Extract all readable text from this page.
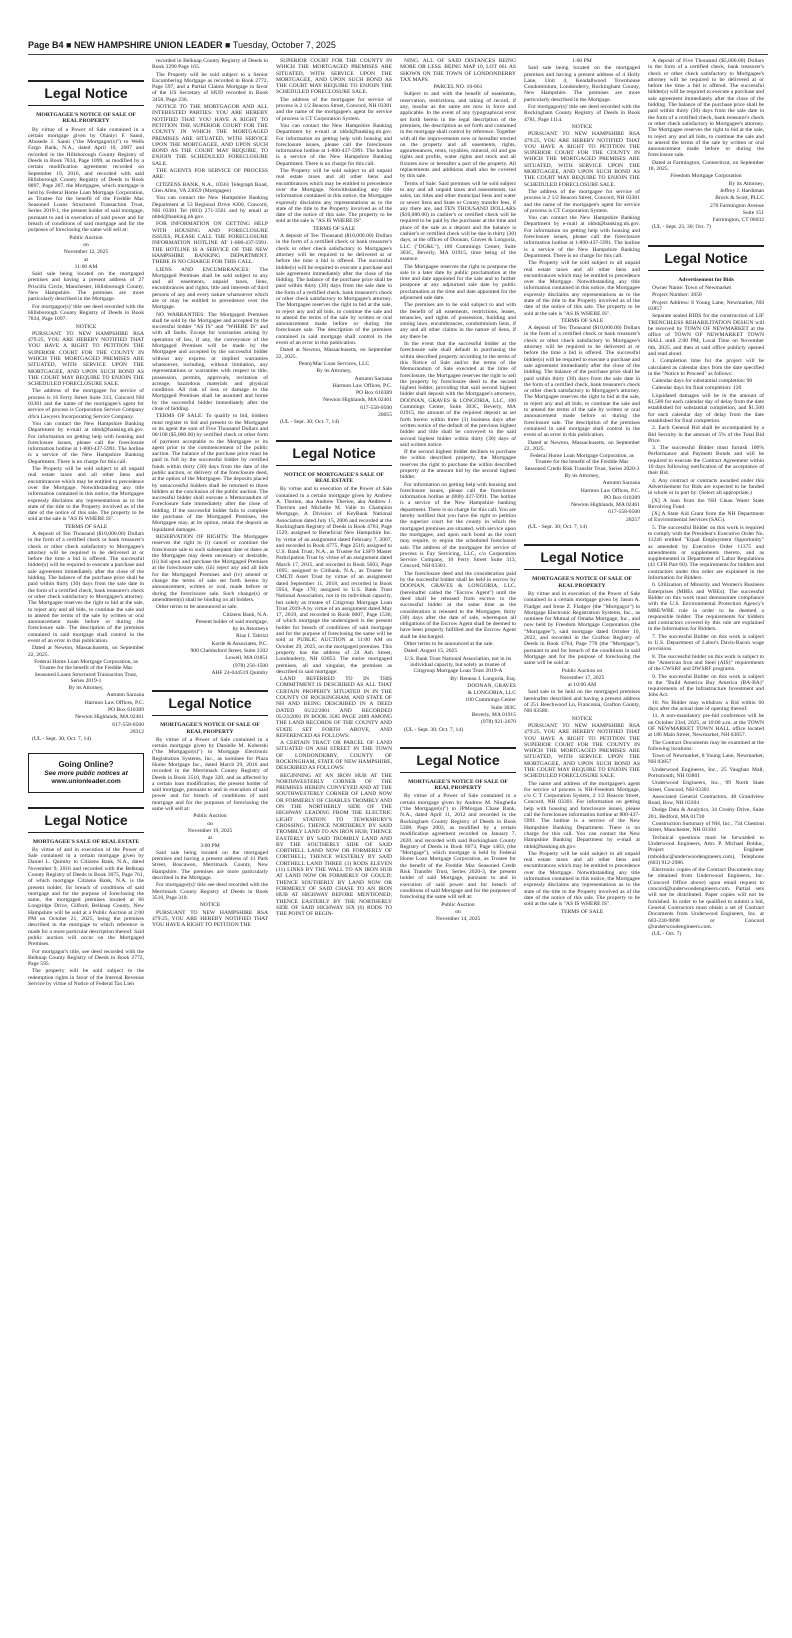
Page B4 ■ NEW HAMPSHIRE UNION LEADER ■ Tuesday, October 7, 2025
Legal Notice
MORTGAGEE'S NOTICE OF SALE OF REAL PROPERTY

By virtue of a Power of Sale contained in a certain mortgage given by Olaniyi F. Sanni, Abosede J. Sanni ("the Mortgagor(s)") to Wells Fargo Bank, N.A., dated April 10, 2007 and recorded in the Hillsborough County Registry of Deeds in Book 7834, Page 1099, as modified by a certain modification agreement recorded on September 19, 2016, and recorded with said Hillsborough County Registry of Deeds in Book 8897, Page 267, the Mortgagee, which mortgage is held by Federal Home Loan Mortgage Corporation, as Trustee for the benefit of the Freddie Mac Seasoned Loans Structured Transaction Trust, Series 2019-1, the present holder of said mortgage, pursuant to and in execution of said power and for breach of conditions of said mortgage and for the purposes of foreclosing the same will sell at:

Public Auction

on

November 12, 2025

at

11:00 AM

Said sale being located on the mortgaged premises and having a present address of 27 Priscilla Circle, Manchester, Hillsborough County, New Hampshire. The premises are more particularly described in the Mortgage.

For mortgagor(s)' title see deed recorded with the Hillsborough County Registry of Deeds in Book 7834, Page 1097.

NOTICE

PURSUANT TO NEW HAMPSHIRE RSA 479:25, YOU ARE HEREBY NOTIFIED THAT YOU HAVE A RIGHT TO PETITION THE SUPERIOR COURT FOR THE COUNTY IN WHICH THE MORTGAGED PREMISES ARE SITUATED, WITH SERVICE UPON THE MORTGAGEE, AND UPON SUCH BOND AS THE COURT MAY REQUIRE TO ENJOIN THE SCHEDULED FORECLOSURE SALE.

The address of the mortgagee for service of process is 16 Ferry Street Suite 313, Concord NH 03301 and the name of the mortgagee's agent for service of process is Corporation Service Company d/b/a Lawyers Incorporating Service Company.

You can contact the New Hampshire Banking Department by e-mail at nhbd@banking.nh.gov. For information on getting help with housing and foreclosure issues, please call the foreclosure information hotline at 1-800-437-5991. The hotline is a service of the New Hampshire Banking Department. There is no charge for this call.

The Property will be sold subject to all unpaid real estate taxes and all other liens and encumbrances which may be entitled to precedence over the Mortgage. Notwithstanding any title information contained in this notice, the Mortgagee expressly disclaims any representations as to the state of the title to the Property involved as of the date of the notice of this sale. The property to be sold at the sale is "AS IS WHERE IS".

TERMS OF SALE

A deposit of Ten Thousand ($10,000.00) Dollars in the form of a certified check or bank treasurer's check or other check satisfactory to Mortgagee's attorney will be required to be delivered at or before the time a bid is offered. The successful bidder(s) will be required to execute a purchase and sale agreement immediately after the close of the bidding. The balance of the purchase price shall be paid within thirty (30) days from the sale date in the form of a certified check, bank treasurer's check or other check satisfactory to Mortgagee's attorney. The Mortgagee reserves the right to bid at the sale, to reject any and all bids, to continue the sale and to amend the terms of the sale by written or oral announcement made before or during the foreclosure sale. The description of the premises contained in said mortgage shall control in the event of an error in this publication.

Dated at Newton, Massachusetts, on September 22, 2025.

Federal Home Loan Mortgage Corporation, as Trustee for the benefit of the Freddie Mac Seasoned Loans Structured Transaction Trust, Series 2019-1

By its Attorney,

Autumn Sarzana

Harmon Law Offices, P.C.

PO Box 610389

Newton Highlands, MA 02461

617-558-0500

28312

(UL - Sept. 30; Oct. 7, 14)

Going Online?
See more public notices at
www.unionleader.com
Legal Notice
MORTGAGEE'S SALE OF REAL ESTATE

By virtue of and in execution of the Power of Sale contained in a certain mortgage given by Daniel L. Quimby to Citizens Bank, N.A., dated November 9, 2016 and recorded with the Belknap County Registry of Deeds in Book 3075, Page 761, of which mortgage Citizens Bank, N.A. is the present holder, for breach of conditions of said mortgage and for the purpose of foreclosing the same, the mortgaged premises located at 66 Longridge Drive, Gilford, Belknap County, New Hampshire will be sold at a Public Auction at 2:00 PM on October 21, 2025, being the premises described in the mortgage to which reference is made for a more particular description thereof. Said public auction will occur on the Mortgaged Premises.

For mortgagor's title, see deed recorded with the Belknap County Registry of Deeds in Book 2772, Page 595.

The property will be sold subject to the redemption rights in favor of the Internal Revenue Service by virtue of Notice of Federal Tax Lien

recorded in Belknap County Registry of Deeds in Book 3290 Page 165.

The Property will be sold subject to a Senior Encumbering Mortgage as recorded in Book 2772, Page 597, and a Partial Claims Mortgage in favor of the US Secretary of HUD recorded in Book 3458, Page 236.

NOTICE TO THE MORTGAGOR AND ALL INTERESTED PARTIES: YOU ARE HEREBY NOTIFIED THAT YOU HAVE A RIGHT TO PETITION THE SUPERIOR COURT FOR THE COUNTY IN WHICH THE MORTGAGED PREMISES ARE SITUATED, WITH SERVICE UPON THE MORTGAGEE, AND UPON SUCH BOND AS THE COURT MAY REQUIRE, TO ENJOIN THE SCHEDULED FORECLOSURE SALE.

THE AGENTS FOR SERVICE OF PROCESS ARE:

CITIZENS BANK, N.A., 10561 Telegraph Road, Glen Allen, VA 23059 (Mortgagee)

You can contact the New Hampshire Banking Department at 53 Regional Drive #200, Concord, NH 03301 Tel (603) 271-3561 and by email at nhbd@banking.nh.gov.

FOR INFORMATION ON GETTING HELP WITH HOUSING AND FORECLOSURE ISSUES, PLEASE CALL THE FORECLOSURE INFORMATION HOTLINE AT 1-800-437-5991. THE HOTLINE IS A SERVICE OF THE NEW HAMPSHIRE BANKING DEPARTMENT. THERE IS NO CHARGE FOR THIS CALL.

LIENS AND ENCUMBRANCES: The Mortgaged Premises shall be sold subject to any and all easements, unpaid taxes, liens, encumbrances and rights, title and interests of third persons of any and every nature whatsoever which are or may be entitled to precedence over the Mortgage.

NO WARRANTIES: The Mortgaged Premises shall be sold by the Mortgagee and accepted by the successful bidder "AS IS" and "WHERE IS" and with all faults. Except for warranties arising by operation of law, if any, the conveyance of the Mortgaged Premises will be made by the Mortgagee and accepted by the successful bidder without any express or implied warranties whatsoever, including, without limitation, any representations or warranties with respect to title, possession, permits, approvals, recitation of acreage, hazardous materials and physical condition. All risk of loss or damage to the Mortgaged Premises shall be assumed and borne by the successful bidder immediately after the close of bidding.

TERMS OF SALE: To qualify to bid, bidders must register to bid and present to the Mortgagee or its agent the sum of Five Thousand Dollars and 00/100 ($5,000.00) by certified check or other form of payment acceptable to the Mortgagee or its agent prior to the commencement of the public auction. The balance of the purchase price must be paid in full by the successful bidder by certified funds within thirty (30) days from the date of the public auction, or delivery of the foreclosure deed, at the option of the Mortgagee. The deposits placed by unsuccessful bidders shall be returned to those bidders at the conclusion of the public auction. The successful bidder shall execute a Memorandum of Foreclosure Sale immediately after the close of bidding. If the successful bidder fails to complete the purchase of the Mortgaged Premises, the Mortgagee may, at its option, retain the deposit as liquidated damages.

RESERVATION OF RIGHTS: The Mortgagee reserves the right to (i) cancel or continue the foreclosure sale to such subsequent date or dates as the Mortgagee may deem necessary or desirable, (ii) bid upon and purchase the Mortgaged Premises at the foreclosure sale, (iii) reject any and all bids for the Mortgaged Premises and (iv) amend or change the terms of sale set forth herein by announcement, written or oral, made before or during the foreclosure sale. Such change(s) or amendment(s) shall be binding on all bidders.

Other terms to be announced at sale.

Citizens Bank, N.A.

Present holder of said mortgage,

by its Attorneys

Riaz I. Tabrizi

Korde & Associates, P.C.

900 Chelmsford Street, Suite 3102

Lowell, MA 01851

(978) 256-1500

AHF 24-044519 Quimby

Legal Notice
MORTGAGEE'S NOTICE OF SALE OF REAL PROPERTY

By virtue of a Power of Sale contained in a certain mortgage given by Danielle M. Koberski ("the Mortgagor(s)") to Mortgage Electronic Registration Systems, Inc., as nominee for Plaza Home Mortgage Inc., dated March 29, 2016 and recorded in the Merrimack County Registry of Deeds in Book 3510, Page 320, and as affected by a certain loan modification, the present holder of said mortgage, pursuant to and in execution of said power and for breach of conditions of said mortgage and for the purposes of foreclosing the same will sell at:

Public Auction

on

November 19, 2025

at

3:00 PM

Said sale being located on the mortgaged premises and having a present address of 41 Park Street, Boscawen, Merrimack County, New Hampshire. The premises are more particularly described in the Mortgage.

For mortgagor(s)' title see deed recorded with the Merrimack County Registry of Deeds in Book 3510, Page 318.

NOTICE

PURSUANT TO NEW HAMPSHIRE RSA 479:25, YOU ARE HEREBY NOTIFIED THAT YOU HAVE A RIGHT TO PETITION THE

SUPERIOR COURT FOR THE COUNTY IN WHICH THE MORTGAGED PREMISES ARE SITUATED, WITH SERVICE UPON THE MORTGAGEE, AND UPON SUCH BOND AS THE COURT MAY REQUIRE TO ENJOIN THE SCHEDULED FORECLOSURE SALE.

The address of the mortgagee for service of process is 2 1/2 Beacon Street, Concord, NH 03301 and the name of the mortgagee's agent for service of process is CT Corporation System.

You can contact the New Hampshire Banking Department by e-mail at nhbd@banking.nh.gov. For information on getting help with housing and foreclosure issues, please call the foreclosure information hotline at 1-800-437-5991. The hotline is a service of the New Hampshire Banking Department. There is no charge for this call.

The Property will be sold subject to all unpaid real estate taxes and all other liens and encumbrances which may be entitled to precedence over the Mortgage. Notwithstanding any title information contained in this notice, the Mortgagee expressly disclaims any representations as to the state of the title to the Property involved as of the date of the notice of this sale. The property to be sold at the sale is "AS IS WHERE IS".

TERMS OF SALE

A deposit of Ten Thousand ($10,000.00) Dollars in the form of a certified check or bank treasurer's check or other check satisfactory to Mortgagee's attorney will be required to be delivered at or before the time a bid is offered. The successful bidder(s) will be required to execute a purchase and sale agreement immediately after the close of the bidding. The balance of the purchase price shall be paid within thirty (30) days from the sale date in the form of a certified check, bank treasurer's check or other check satisfactory to Mortgagee's attorney. The Mortgagee reserves the right to bid at the sale, to reject any and all bids, to continue the sale and to amend the terms of the sale by written or oral announcement made before or during the foreclosure sale. The description of the premises contained in said mortgage shall control in the event of an error in this publication.

Dated at Newton, Massachusetts, on September 22, 2025.

PennyMac Loan Services, LLC

By its Attorney,

Autumn Sarzana

Harmon Law Offices, P.C.

PO Box 610389

Newton Highlands, MA 02461

617-558-0500

28055

(UL - Sept. 30; Oct. 7, 14)

Legal Notice
NOTICE OF MORTGAGEE'S SALE OF REAL ESTATE

By virtue and in execution of the Power of Sale contained in a certain mortgage given by Andrew A. Therien, aka Andrew Therien, aka Andrew J. Therrien and Michelle M. Valle to Champion Mortgage, A Division of KeyBank National Association dated July 15, 2006 and recorded at the Rockingham Registry of Deeds in Book 4703, Page 1529; assigned to Beneficial New Hampshire Inc. by virtue of an assignment dated February 7, 2007, and recorded in Book 4775, Page 2516; assigned to U.S. Bank Trust, N.A., as Trustee for LSF9 Master Participation Trust by virtue of an assignment dated March 17, 2015, and recorded in Book 5603, Page 1695; assigned to Citibank, N.A., as Trustee for CMLTI Asset Trust by virtue of an assignment dated September 11, 2018, and recorded in Book 5954, Page 170; assigned to U.S. Bank Trust National Association, not in its individual capacity, but solely as trustee of Citigroup Mortgage Loan Trust 2019-A by virtue of an assignment dated May 17, 2019, and recorded in Book 6007, Page 1536; of which mortgage the undersigned is the present holder for breach of conditions of said mortgage and for the purpose of foreclosing the same will be sold at PUBLIC AUCTION at 11:00 AM on October 29, 2025, on the mortgaged premises. This property has the address of 24 Ash Street, Londonderry, NH 03053. The entire mortgaged premises, all and singular, the premises as described in said mortgage:

LAND REFERRED TO IN THIS COMMITMENT IS DESCRIBED AS ALL THAT CERTAIN PROPERTY SITUATED IN IN THE COUNTY OF ROCKINGHAM, AND STATE OF NH AND BEING DESCRIBED IN A DEED DATED 05/22/2001 AND RECORDED 05/23/2001 IN BOOK 3585 PAGE 2489 AMONG THE LAND RECORDS OF THE COUNTY AND STATE SET FORTH ABOVE, AND REFERENCED AS FOLLOWS:

A CERTAIN TRACT OR PARCEL OF LAND SITUATED ON ASH STREET IN THE TOWN OF LONDONDERRY, COUNTY OF ROCKINGHAM, STATE OF NEW HAMPSHIRE, DESCRIBED AS FOLLOWS:

BEGINNING AT AN IRON HUB AT THE NORTHWESTERLY CORNER OF THE PREMISES HEREIN CONVEYED AND AT THE SOUTHWESTERLY CORNER OF LAND NOW OR FORMERLY OF CHARLES TROMBLY AND ON THE NORTHERLY SIDE OF THE HIGHWAY LEADING FROM THE ELECTRIC LIGHT STATION TO TEWKSBURY'S CROSSING; THENCE NORTHERLY BY SAID TROMBLY LAND TO AN IRON HUB; THENCE EASTERLY BY SAID TROMBLY LAND AND BY THE SOUTHERLY SIDE OF SAID CORTHELL LAND NOW OR FORMERLY OF CORTHELL; THENCE WESTERLY BY SAID CORTHELL LAND THREE (3) RODS ELEVEN (11) LINKS BY THE WALL TO AN IRON HUB AT LAND NOW OR FORMERLY OF GOULD; THENCE SOUTHERLY BY LAND NOW OR FORMERLY OF SAID CHASE TO AN IRON HUB AT HIGHWAY BEFORE MENTIONED; THENCE EASTERLY BY THE NORTHERLY SIDE OF SAID HIGHWAY SIX (6) RODS TO THE POINT OF BEGIN-

NING. ALL OF SAID DISTANCES BEING MORE OR LESS. BEING MAP 10, LOT 061 AS SHOWN ON THE TOWN OF LONDONDERRY TAX MAPS.

PARCEL NO. 10-061

Subject to and with the benefit of easements, reservation, restrictions, and taking of record, if any, insofar as the same are now in force and applicable. In the event of any typographical error set forth herein in the legal description of the premises, the description as set forth and contained in the mortgage shall control by reference. Together with all the improvements now or hereafter erected on the property and all easements, rights, appurtenances, rents, royalties, mineral, oil and gas rights and profits, water rights and stock and all fixtures now or hereafter a part of the property. All replacements and additions shall also be covered by this sale.

Terms of Sale: Said premises will be sold subject to any and all unpaid taxes and assessments, tax sales, tax titles and other municipal liens and water or sewer liens and State or County transfer fees, if any there are, and TEN THOUSAND DOLLARS ($10,000.00) in cashier's or certified check will be required to be paid by the purchaser at the time and place of the sale as a deposit and the balance is cashier's or certified check will be due in thirty (30) days, at the offices of Doonan, Graves & Longoria, LLC ("DG&L"), 100 Cummings Center, Suite 303C, Beverly, MA 01915, time being of the essence.

The Mortgagee reserves the right to postpone the sale to a later date by public proclamation at the time and date appointed for the sale and to further postpone at any adjourned sale date by public proclamation at the time and date appointed for the adjourned sale date.

The premises are to be sold subject to and with the benefit of all easements, restrictions, leases, tenancies, and rights of possession, building and zoning laws, encumbrances, condominium liens, if any and all other claims in the nature of liens, if any there be.

In the event that the successful bidder at the foreclosure sale shall default in purchasing the within described property according to the terms of this Notice of Sale and/or the terms of the Memorandum of Sale executed at the time of foreclosure, the Mortgagee reserves the right to sell the property by foreclosure deed to the second highest bidder, providing that said second highest bidder shall deposit with the Mortgagee's attorneys, DOONAN, GRAVES & LONGORIA, LLC, 100 Cummings Center, Suite 303C, Beverly, MA 01915, the amount of the required deposit as set forth herein within three (3) business days after written notice of the default of the previous highest bidder and title shall be conveyed to the said second highest bidder within thirty (30) days of said written notice.

If the second highest bidder declines to purchase the within described property, the Mortgagee reserves the right to purchase the within described property at the amount bid by the second highest bidder.

For information on getting help with housing and foreclosure issues, please call the foreclosure information hotline at (800) 437-5991. The hotline is a service of the New Hampshire banking department. There is no charge for this call. You are hereby notified that you have the right to petition the superior court for the county in which the mortgaged premises are situated, with service upon the mortgagee, and upon such bond as the court may require, to enjoin the scheduled foreclosure sale. The address of the mortgagee for service of process is Fay Servicing, LLC, c/o Corporation Service Company, 10 Ferry Street Suite 313, Concord, NH 03301.

The foreclosure deed and the consideration paid by the successful bidder shall be held in escrow by DOONAN, GRAVES & LONGORIA, LLC, (hereinafter called the "Escrow Agent") until the deed shall be released from escrow to the successful bidder at the same time as the consideration is released to the Mortgagee, thirty (30) days after the date of sale, whereupon all obligations of the Escrow Agent shall be deemed to have been properly fulfilled and the Escrow Agent shall be discharged.

Other terms to be announced at the sale.

Dated: August 15, 2025

U.S. Bank Trust National Association, not in its individual capacity, but solely as trustee of Citigroup Mortgage Loan Trust 2019-A

By: Reneau J. Longoria, Esq.

DOONAN, GRAVES

& LONGORIA, LLC

100 Cummings Center

Suite 303C

Beverly, MA 01915

(978) 921-2670

(UL - Sept. 30; Oct. 7, 14)

Legal Notice
MORTGAGEE'S NOTICE OF SALE OF REAL PROPERTY

By virtue of a Power of Sale contained in a certain mortgage given by Andrew M. Ninghella ("the Mortgagor(s)") to JPMorgan Chase Bank, N.A., dated April 11, 2012 and recorded in the Rockingham County Registry of Deeds in Book 5308, Page 2003, as modified by a certain modification agreement recorded on January 7, 2020, and recorded with said Rockingham County Registry of Deeds in Book 6073, Page 1483, (the "Mortgage"), which mortgage is held by Federal Home Loan Mortgage Corporation, as Trustee for the benefit of the Freddie Mac Seasoned Credit Risk Transfer Trust, Series 2020-3, the present holder of said Mortgage, pursuant to and in execution of said power and for breach of conditions of said Mortgage and for the purposes of foreclosing the same will sell at:

Public Auction

on

November 14, 2025

1:00 PM

Said sale being located on the mortgaged premises and having a present address of 4 Holly Lane, Unit 4, Kendallwood Townhouse Condominium, Londonderry, Rockingham County, New Hampshire. The premises are more particularly described in the Mortgage.

For mortgagor(s)' title see deed recorded with the Rockingham County Registry of Deeds in Book 4781, Page 1114.

NOTICE

PURSUANT TO NEW HAMPSHIRE RSA 479:25, YOU ARE HEREBY NOTIFIED THAT YOU HAVE A RIGHT TO PETITION THE SUPERIOR COURT FOR THE COUNTY IN WHICH THE MORTGAGED PREMISES ARE SITUATED, WITH SERVICE UPON THE MORTGAGEE, AND UPON SUCH BOND AS THE COURT MAY REQUIRE TO ENJOIN THE SCHEDULED FORECLOSURE SALE.

The address of the mortgagee for service of process is 2 1/2 Beacon Street, Concord, NH 03301 and the name of the mortgagee's agent for service of process is CT Corporation System.

You can contact the New Hampshire Banking Department by e-mail at nhbd@banking.nh.gov. For information on getting help with housing and foreclosure issues, please call the foreclosure information hotline at 1-800-437-5991. The hotline is a service of the New Hampshire Banking Department. There is no charge for this call.

The Property will be sold subject to all unpaid real estate taxes and all other liens and encumbrances which may be entitled to precedence over the Mortgage. Notwithstanding any title information contained in this notice, the Mortgagee expressly disclaims any representations as to the state of the title to the Property involved as of the date of the notice of this sale. The property to be sold at the sale is "AS IS WHERE IS".

TERMS OF SALE

A deposit of Ten Thousand ($10,000.00) Dollars in the form of a certified check or bank treasurer's check or other check satisfactory to Mortgagee's attorney will be required to be delivered at or before the time a bid is offered. The successful bidder(s) will be required to execute a purchase and sale agreement immediately after the close of the bidding. The balance of the purchase price shall be paid within thirty (30) days from the sale date in the form of a certified check, bank treasurer's check or other check satisfactory to Mortgagee's attorney. The Mortgagee reserves the right to bid at the sale, to reject any and all bids, to continue the sale and to amend the terms of the sale by written or oral announcement made before or during the foreclosure sale. The description of the premises contained in said mortgage shall control in the event of an error in this publication.

Dated at Newton, Massachusetts, on September 22, 2025.

Federal Home Loan Mortgage Corporation, as Trustee for the benefit of the Freddie Mac Seasoned Credit Risk Transfer Trust, Series 2020-3

By its Attorney,

Autumn Sarzana

Harmon Law Offices, P.C.

PO Box 610389

Newton Highlands, MA 02461

617-558-0500

28257

(UL - Sept. 30; Oct. 7, 14)

Legal Notice
MORTGAGEE'S NOTICE OF SALE OF REAL PROPERTY

By virtue and in execution of the Power of Sale contained in a certain mortgage given by Jason A. Fladger and Irene Z. Fladger (the "Mortgagor") to Mortgage Electronic Registration Systems, Inc., as nominee for Mutual of Omaha Mortgage, Inc., and now held by Freedom Mortgage Corporation (the "Mortgagee"), said mortgage dated October 10, 2022, and recorded in the Grafton Registry of Deeds in Book 4764, Page 778 (the "Mortgage"), pursuant to and for breach of the conditions in said Mortgage and for the purpose of foreclosing the same will be sold at:

Public Auction on

November 17, 2025

at 10:00 AM

Said sale to be held on the mortgaged premises hereinafter described and having a present address of 251 Beechwood Ln, Franconia, Grafton County, NH 03580.

NOTICE

PURSUANT TO NEW HAMPSHIRE RSA 479:25, YOU ARE HEREBY NOTIFIED THAT YOU HAVE A RIGHT TO PETITION THE SUPERIOR COURT FOR THE COUNTY IN WHICH THE MORTGAGED PREMISES ARE SITUATED, WITH SERVICE UPON THE MORTGAGEE, AND UPON SUCH BOND AS THE COURT MAY REQUIRE TO ENJOIN THE SCHEDULED FORECLOSURE SALE.

The name and address of the mortgagee's agent for service of process is NH-Freedom Mortgage, c/o C T Corporation System, 2 1/2 Beacon Street, Concord, NH 03301. For information on getting help with housing and foreclosure issues, please call the foreclosure information hotline at 800-437-5991. The hotline is a service of the New Hampshire Banking Department. There is no charge for this call. You can contact the New Hampshire Banking Department by e-mail at nhbd@banking.nh.gov.

The Property will be sold subject to all unpaid real estate taxes and all other liens and encumbrances which may be entitled to precedence over the Mortgage. Notwithstanding any title information contained in this notice, the Mortgagee expressly disclaims any representations as to the state of the title to the Property involved as of the date of the notice of this sale. The property to be sold at the sale is "AS IS WHERE IS".

TERMS OF SALE

A deposit of Five Thousand ($5,000.00) Dollars in the form of a certified check, bank treasurer's check or other check satisfactory to Mortgagee's attorney will be required to be delivered at or before the time a bid is offered. The successful bidder(s) will be required to execute a purchase and sale agreement immediately after the close of the bidding. The balance of the purchase price shall be paid within thirty (30) days from the sale date in the form of a certified check, bank treasurer's check or other check satisfactory to Mortgagee's attorney. The Mortgagee reserves the right to bid at the sale, to reject any and all bids, to continue the sale and to amend the terms of the sale by written or oral announcement made before or during the foreclosure sale.

Dated at Farmington, Connecticut, on September 18, 2025.

Freedom Mortgage Corporation

By its Attorney,

Jeffrey J. Hardiman

Brock & Scott, PLLC

270 Farmington Avenue

Suite 151

Farmington, CT 06032

(UL - Sept. 23, 30; Oct. 7)

Legal Notice
Advertisement for Bids

Owner Name: Town of Newmarket

Project Number: 3050

Project Address: 8 Young Lane, Newmarket, NH 03857

Separate sealed BIDS for the construction of LIF TRENCHLESS REHABILITATION DESIGN will be received by TOWN OF NEWMARKET at the office of TOWN OF NEWMARKET TOWN HALL until 2:00 PM, Local Time on November 6th, 2025, and then at said office publicly opened and read aloud.

1. Completion time for the project will be calculated as calendar days from the date specified in the "Notice to Proceed" as follows:

Calendar days for substantial completion: 90

Calendar days for final completion: 120

Liquidated damages will be in the amount of $1,500 for each calendar day of delay from the date established for substantial completion, and $1,500 for each calendar day of delay from the date established for final completion.

2. Each General Bid shall be accompanied by a Bid Security in the amount of 5% of the Total Bid Price.

3. The successful Bidder must furnish 100% Performance and Payment Bonds and will be required to execute the Contract Agreement within 10 days following notification of the acceptance of their Bid.

4. Any contract or contracts awarded under this Advertisement for Bids are expected to be funded in whole or in part by: (Select all appropriate.)

[X] A loan from the NH Clean Water State Revolving Fund.

[X] A State Aid Grant from the NH Department of Environmental Services (SAG).

5. The successful Bidder on this work is required to comply with the President's Executive Order No. 11246 entitled "Equal Employment Opportunity" as amended by Executive Order 11375 and amendments or supplements thereto, and as supplemented in Department of Labor Regulations (41 CFR Part 60). The requirements for bidders and contractors under this order are explained in the Information for Bidders.

6. Utilization of Minority and Women's Business Enterprises (MBEs and WBEs). The successful Bidder on this work must demonstrate compliance with the U.S. Environmental Protection Agency's MBE/WBE rule in order to be deemed a responsible bidder. The requirements for bidders and contractors covered by this rule are explained in the Information for Bidders.

7. The successful Bidder on this work is subject to U.S. Department of Labor's Davis-Bacon wage provisions.

8. The successful bidder on this work is subject to the "American Iron and Steel (AIS)" requirements of the CWSRF and DWSRF programs.

9. The successful Bidder on this work is subject to the "Build America Buy America (BA-BA)" requirements of the Infrastructure Investment and Jobs Act.

10. No Bidder may withdraw a Bid within 60 days after the actual date of opening thereof.

11. A non-mandatory pre-bid conference will be on October 23rd, 2025, at 10:00 a.m. at the TOWN OF NEWMARKET TOWN HALL office located at 186 Main Street, Newmarket, NH 03857.

The Contract Documents may be examined at the following locations:

Town of Newmarket, 8 Young Lane, Newmarket, NH 03857

Underwood Engineers, Inc., 25 Vaughan Mall, Portsmouth, NH 03801

Underwood Engineers, Inc., 99 North State Street, Concord, NH 03301

Associated General Contractors, 48 Grandview Road, Bow, NH 03304

Dodge Data & Analytics, 34 Crosby Drive, Suite 201, Bedford, MA 01730

Construction Summary of NH, Inc., 734 Chestnut Street, Manchester, NH 03104

Technical questions must be forwarded to Underwood Engineers, Attn: P. Michael Bolduc, Project Engineer (mbolduc@underwoodengineers.com), Telephone (603) 912-2986.

Electronic copies of the Contract Documents may be obtained from Underwood Engineers, Inc. (Concord Office above) upon email request to concord@underwoodengineers.com. Partial sets will not be distributed. Paper copies will not be furnished. In order to be qualified to submit a bid, General Contractors must obtain a set of Contract Documents from Underwood Engineers, Inc. at 603-230-9898 or Concord @underwoodengineers.com.

(UL - Oct. 7)
